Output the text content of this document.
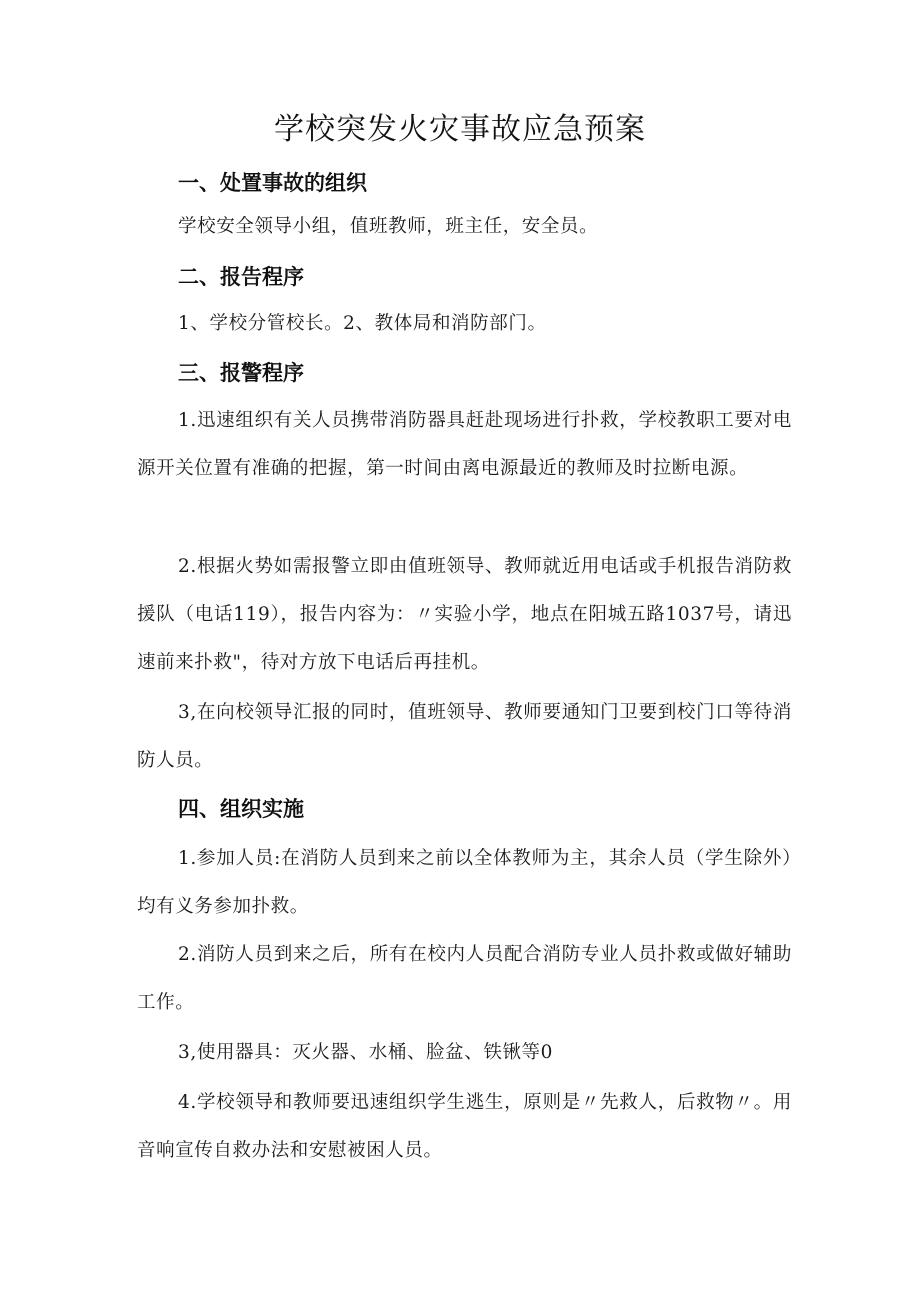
学校突发火灾事故应急预案
一、处置事故的组织

学校安全领导小组，值班教师，班主任，安全员。

二、报告程序

1、学校分管校长。2、教体局和消防部门。

三、报警程序

1.迅速组织有关人员携带消防器具赶赴现场进行扑救，学校教职工要对电源开关位置有准确的把握，第一时间由离电源最近的教师及时拉断电源。

2.根据火势如需报警立即由值班领导、教师就近用电话或手机报告消防救援队（电话119），报告内容为：〃实验小学，地点在阳城五路1037号，请迅速前来扑救"，待对方放下电话后再挂机。

3,在向校领导汇报的同时，值班领导、教师要通知门卫要到校门口等待消防人员。

四、组织实施

1.参加人员:在消防人员到来之前以全体教师为主，其余人员（学生除外）均有义务参加扑救。

2.消防人员到来之后，所有在校内人员配合消防专业人员扑救或做好辅助工作。

3,使用器具：灭火器、水桶、脸盆、铁锹等0

4.学校领导和教师要迅速组织学生逃生，原则是〃先救人，后救物〃。用音响宣传自救办法和安慰被困人员。
